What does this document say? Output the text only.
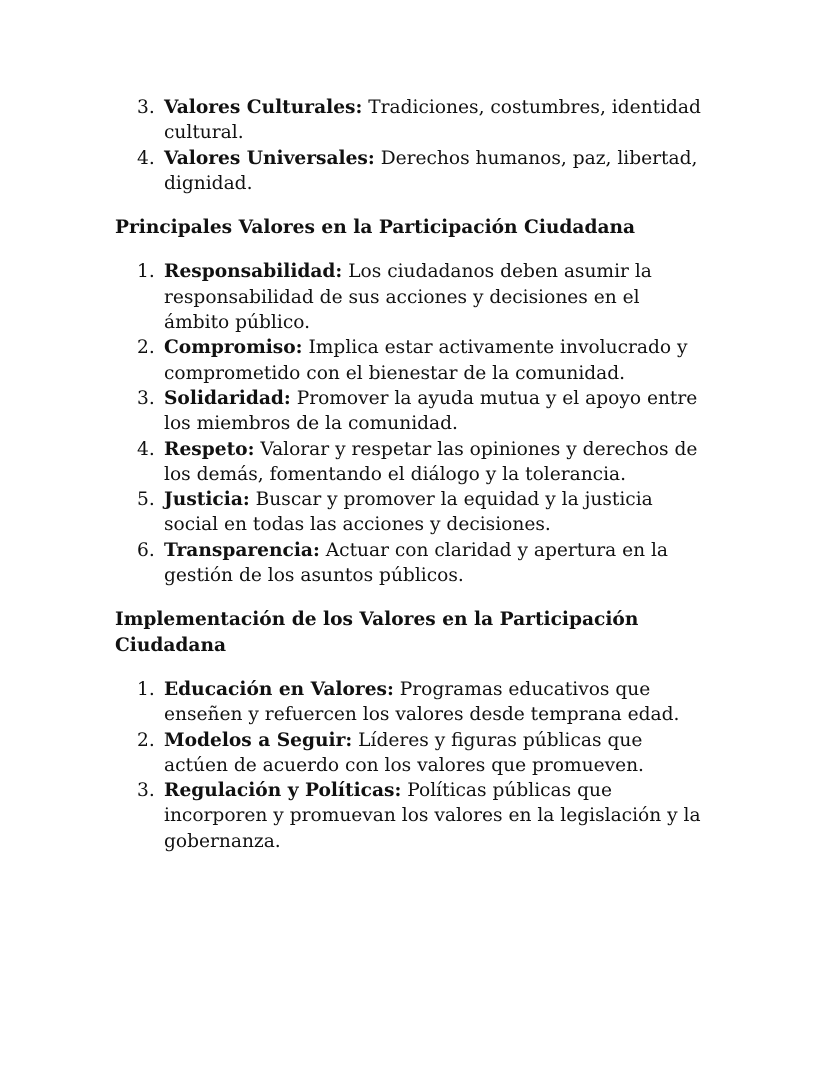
3. Valores Culturales: Tradiciones, costumbres, identidad cultural.
4. Valores Universales: Derechos humanos, paz, libertad, dignidad.
Principales Valores en la Participación Ciudadana
1. Responsabilidad: Los ciudadanos deben asumir la responsabilidad de sus acciones y decisiones en el ámbito público.
2. Compromiso: Implica estar activamente involucrado y comprometido con el bienestar de la comunidad.
3. Solidaridad: Promover la ayuda mutua y el apoyo entre los miembros de la comunidad.
4. Respeto: Valorar y respetar las opiniones y derechos de los demás, fomentando el diálogo y la tolerancia.
5. Justicia: Buscar y promover la equidad y la justicia social en todas las acciones y decisiones.
6. Transparencia: Actuar con claridad y apertura en la gestión de los asuntos públicos.
Implementación de los Valores en la Participación Ciudadana
1. Educación en Valores: Programas educativos que enseñen y refuercen los valores desde temprana edad.
2. Modelos a Seguir: Líderes y figuras públicas que actúen de acuerdo con los valores que promueven.
3. Regulación y Políticas: Políticas públicas que incorporen y promuevan los valores en la legislación y la gobernanza.
